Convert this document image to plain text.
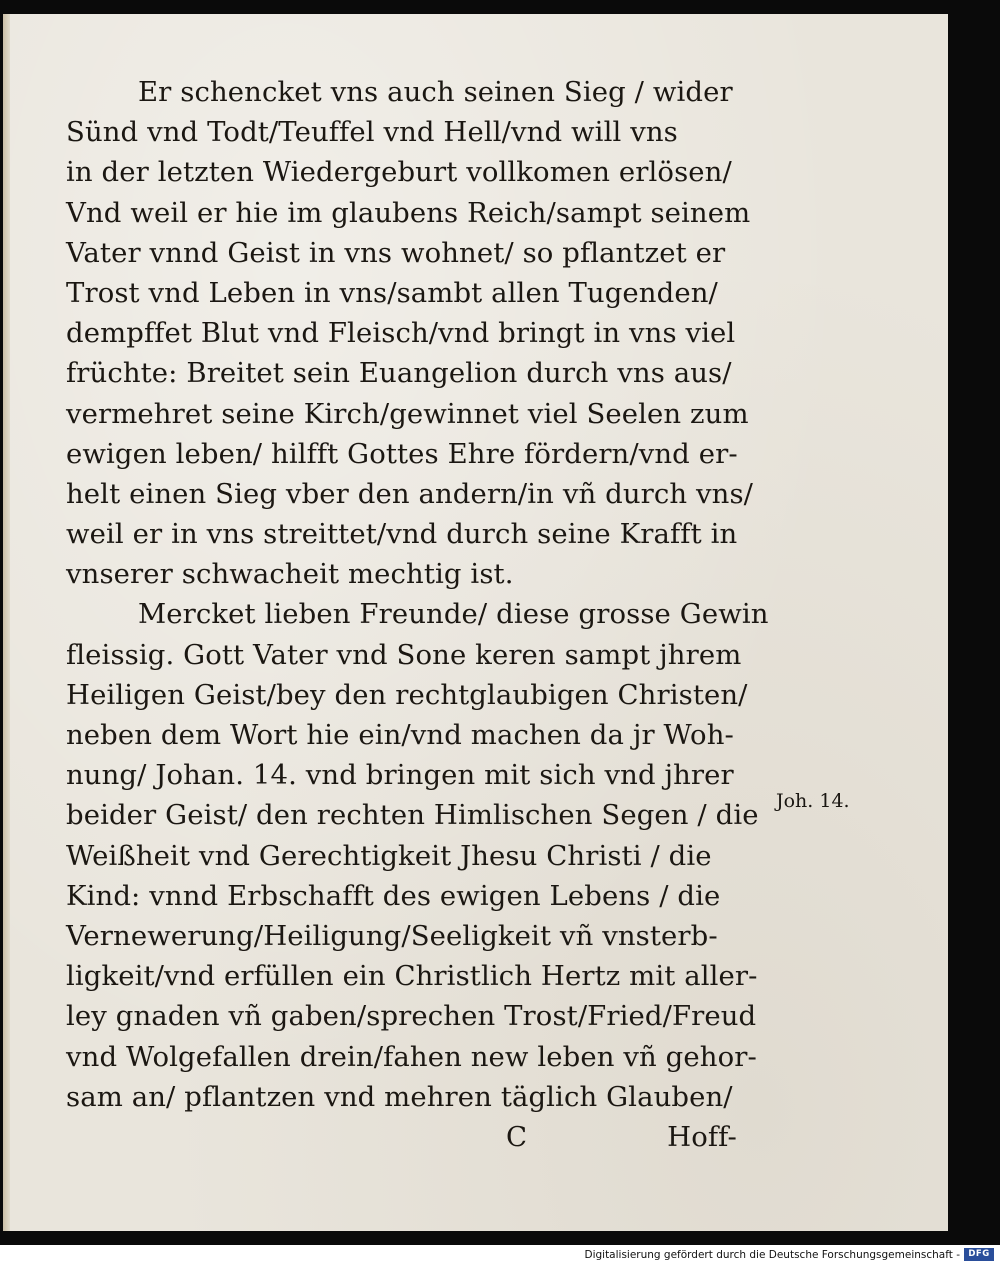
Er schencket vns auch seinen Sieg / wider
Sünd vnd Todt/Teuffel vnd Hell/vnd will vns
in der letzten Wiedergeburt vollkomen erlösen/
Vnd weil er hie im glaubens Reich/sampt seinem
Vater vnnd Geist in vns wohnet/ so pflantzet er
Trost vnd Leben in vns/sambt allen Tugenden/
dempffet Blut vnd Fleisch/vnd bringt in vns viel
früchte: Breitet sein Euangelion durch vns aus/
vermehret seine Kirch/gewinnet viel Seelen zum
ewigen leben/ hilfft Gottes Ehre fördern/vnd er-
helt einen Sieg vber den andern/in vñ durch vns/
weil er in vns streittet/vnd durch seine Krafft in
vnserer schwacheit mechtig ist.
Mercket lieben Freunde/ diese grosse Gewin
fleissig. Gott Vater vnd Sone keren sampt jhrem
Heiligen Geist/bey den rechtglaubigen Christen/
neben dem Wort hie ein/vnd machen da jr Woh-
nung/ Johan. 14. vnd bringen mit sich vnd jhrer
beider Geist/ den rechten Himlischen Segen / die
Weißheit vnd Gerechtigkeit Jhesu Christi / die
Kind: vnnd Erbschafft des ewigen Lebens / die
Vernewerung/Heiligung/Seeligkeit vñ vnsterb-
ligkeit/vnd erfüllen ein Christlich Hertz mit aller-
ley gnaden vñ gaben/sprechen Trost/Fried/Freud
vnd Wolgefallen drein/fahen new leben vñ gehor-
sam an/ pflantzen vnd mehren täglich Glauben/
C	Hoff-
Joh. 14.
Digitalisierung gefördert durch die Deutsche Forschungsgemeinschaft - DFG
